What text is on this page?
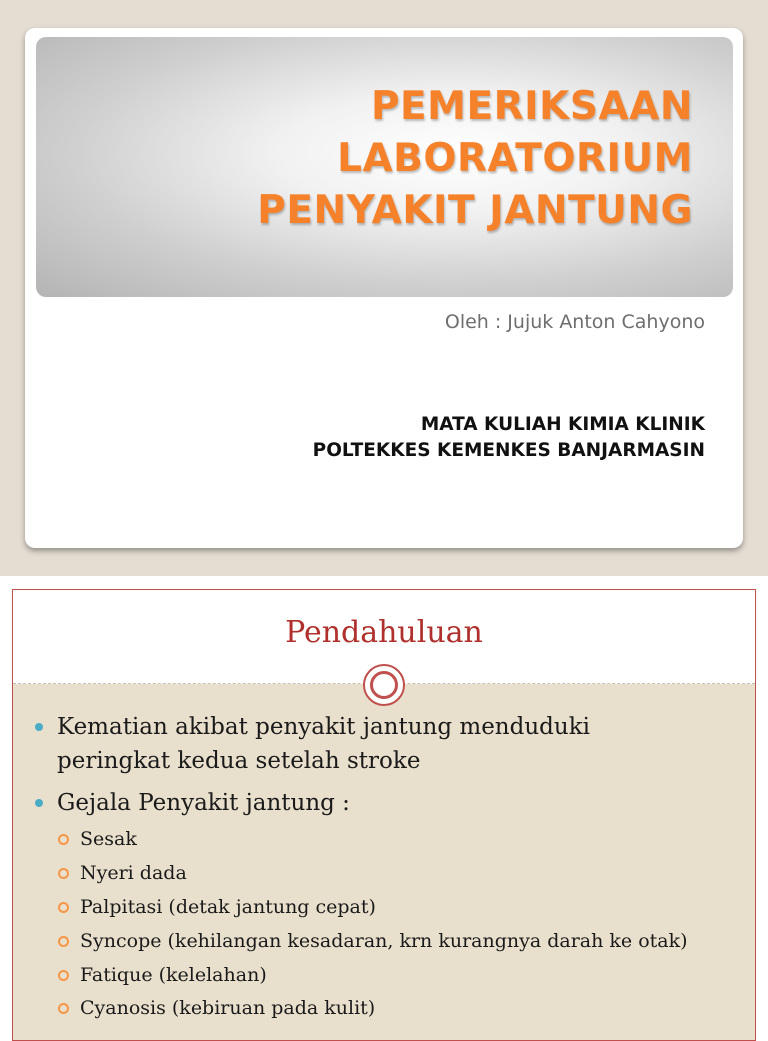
PEMERIKSAAN
LABORATORIUM
PENYAKIT JANTUNG
Oleh : Jujuk Anton Cahyono
MATA KULIAH KIMIA KLINIK
POLTEKKES KEMENKES BANJARMASIN
Pendahuluan
Kematian akibat penyakit jantung menduduki peringkat kedua setelah stroke
Gejala Penyakit jantung :
Sesak
Nyeri dada
Palpitasi (detak jantung cepat)
Syncope (kehilangan kesadaran, krn kurangnya darah ke otak)
Fatique (kelelahan)
Cyanosis (kebiruan pada kulit)
